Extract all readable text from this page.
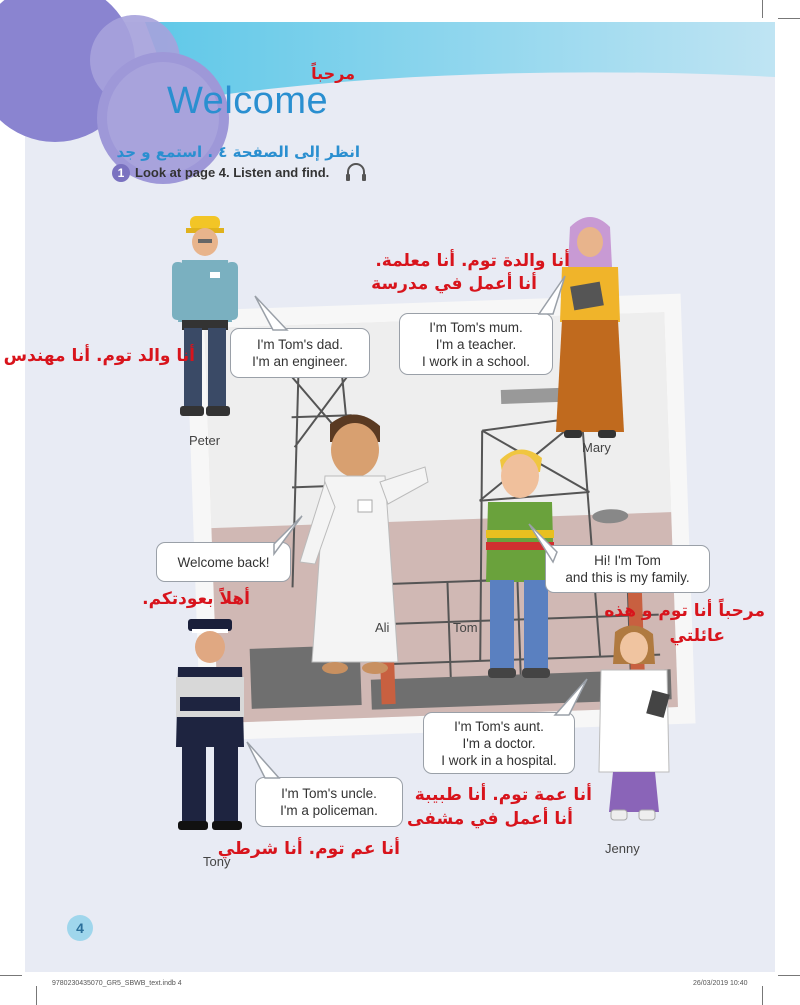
مرحباً
Welcome
انظر إلى الصفحة ٤ . استمع و جد
1 Look at page 4. Listen and find.
I'm Tom's dad.
I'm an engineer.
I'm Tom's mum.
I'm a teacher.
I work in a school.
Welcome back!	Hi! I'm Tom
and this is my family.
I'm Tom's aunt.
I'm a doctor.
I work in a hospital.
I'm Tom's uncle.
I'm a policeman.
Peter	Mary
Ali	Tom
Jenny
Tony
أنا والدة توم. أنا معلمة.
أنا أعمل في مدرسة
أنا والد توم. أنا مهندس
أهلاً بعودتكم.
مرحباً أنا توم و هذه
عائلتي
أنا عمة توم. أنا طبيبة
أنا أعمل في مشفى
أنا عم توم. أنا شرطي
4
9780230435070_GR5_SBWB_text.indb 4	26/03/2019 10:40
